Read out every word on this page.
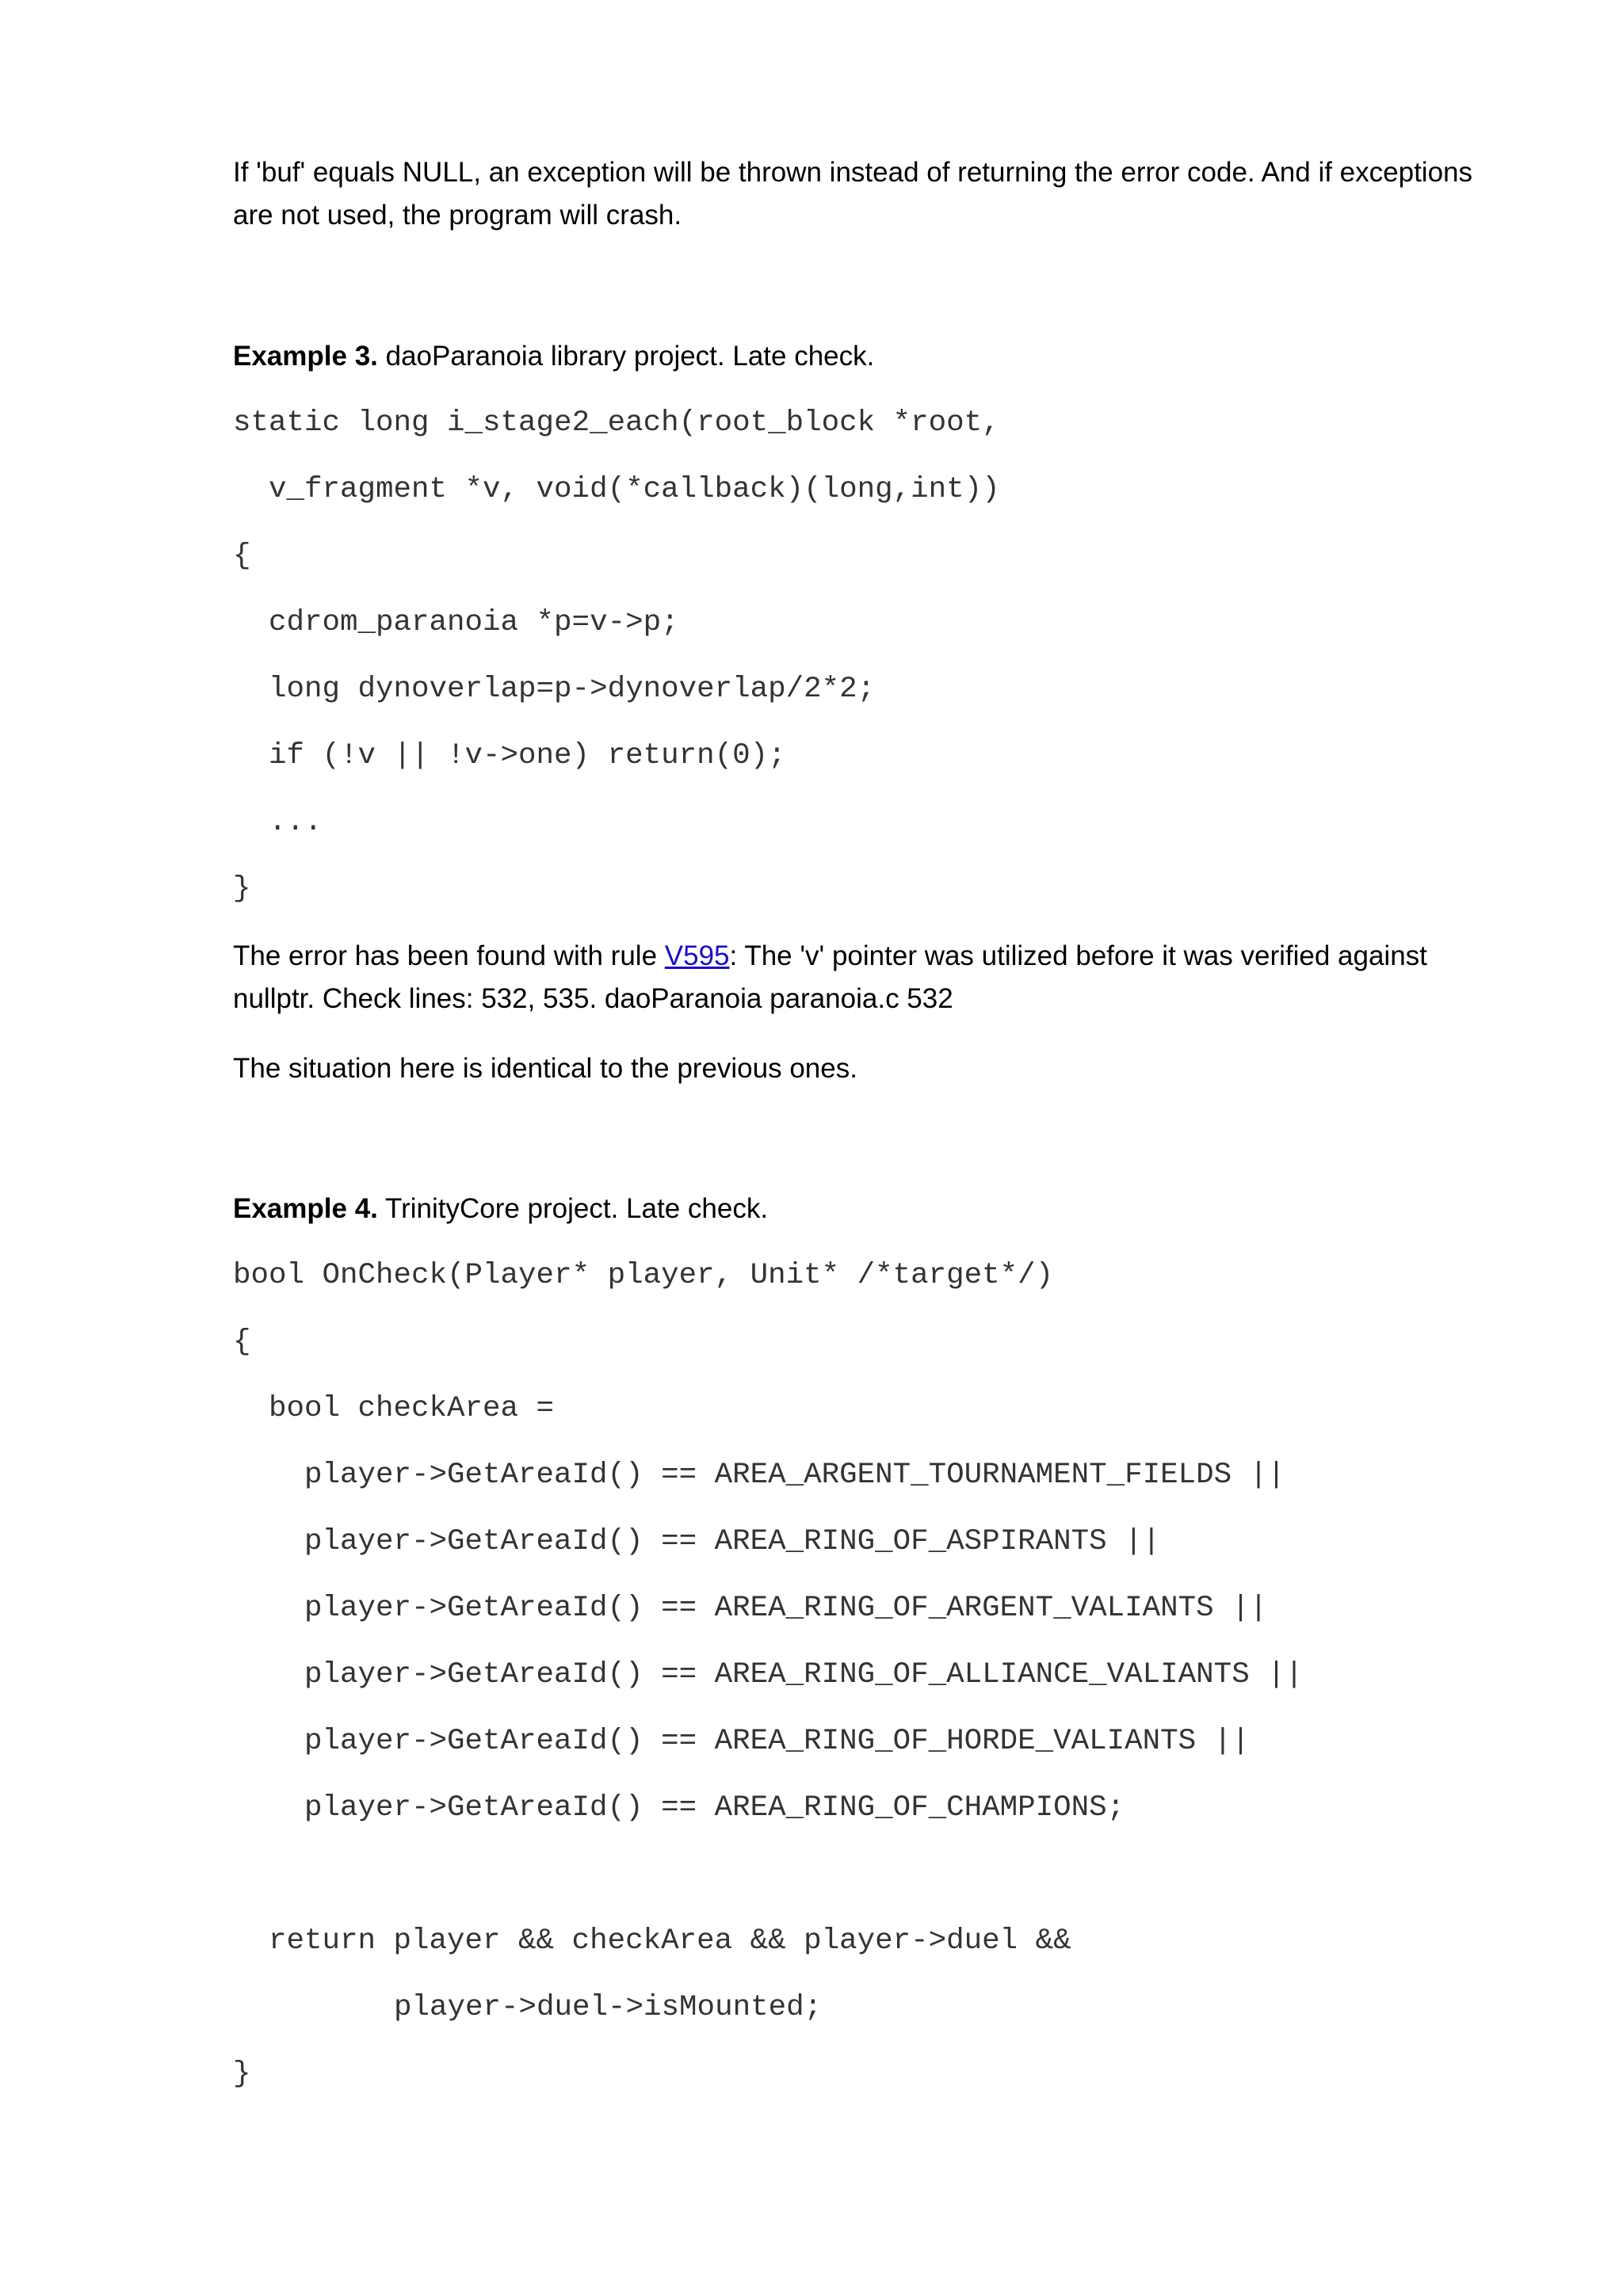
If 'buf' equals NULL, an exception will be thrown instead of returning the error code. And if exceptions

are not used, the program will crash.

Example 3. daoParanoia library project. Late check.

static long i_stage2_each(root_block *root,
v_fragment *v, void(*callback)(long,int))
{
cdrom_paranoia *p=v->p;
long dynoverlap=p->dynoverlap/2*2;
if (!v || !v->one) return(0);
...
}

The error has been found with rule V595: The 'v' pointer was utilized before it was verified against

nullptr. Check lines: 532, 535. daoParanoia paranoia.c 532

The situation here is identical to the previous ones.

Example 4. TrinityCore project. Late check.

bool OnCheck(Player* player, Unit* /*target*/)
{
bool checkArea =
player->GetAreaId() == AREA_ARGENT_TOURNAMENT_FIELDS ||
player->GetAreaId() == AREA_RING_OF_ASPIRANTS ||
player->GetAreaId() == AREA_RING_OF_ARGENT_VALIANTS ||
player->GetAreaId() == AREA_RING_OF_ALLIANCE_VALIANTS ||
player->GetAreaId() == AREA_RING_OF_HORDE_VALIANTS ||
player->GetAreaId() == AREA_RING_OF_CHAMPIONS;
return player && checkArea && player->duel &&
player->duel->isMounted;
}
